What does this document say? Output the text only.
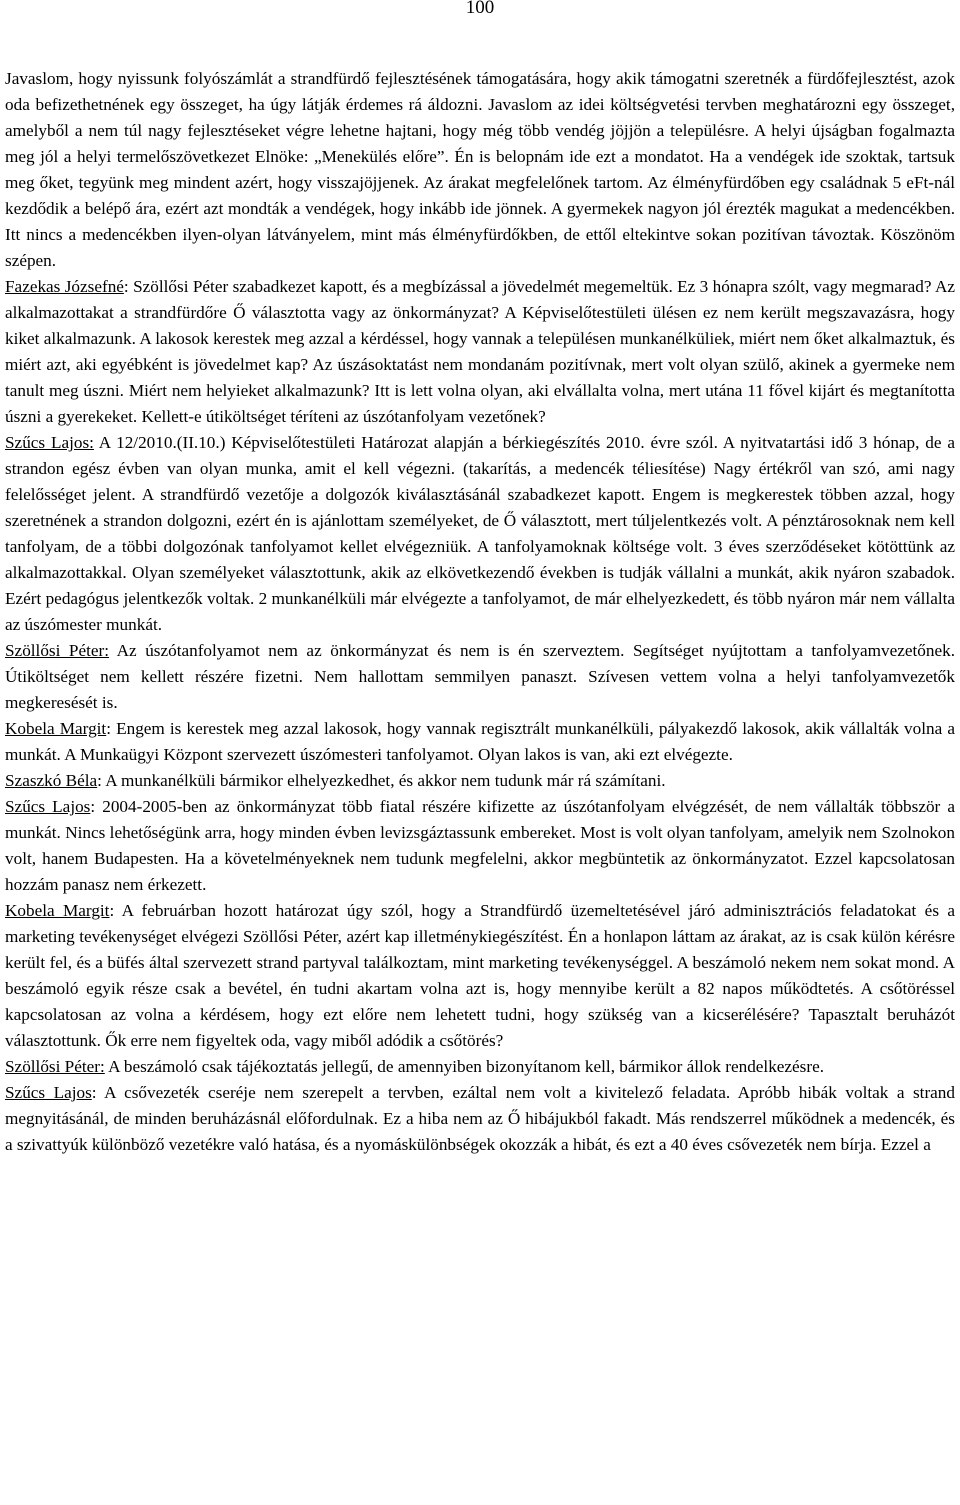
100

Javaslom, hogy nyissunk folyószámlát a strandfürdő fejlesztésének támogatására, hogy akik támogatni szeretnék a fürdőfejlesztést, azok oda befizethetnének egy összeget, ha úgy látják érdemes rá áldozni. Javaslom az idei költségvetési tervben meghatározni egy összeget, amelyből a nem túl nagy fejlesztéseket végre lehetne hajtani, hogy még több vendég jöjjön a településre. A helyi újságban fogalmazta meg jól a helyi termelőszövetkezet Elnöke: „Menekülés előre”. Én is belopnám ide ezt a mondatot. Ha a vendégek ide szoktak, tartsuk meg őket, tegyünk meg mindent azért, hogy visszajöjjenek. Az árakat megfelelőnek tartom. Az élményfürdőben egy családnak 5 eFt-nál kezdődik a belépő ára, ezért azt mondták a vendégek, hogy inkább ide jönnek. A gyermekek nagyon jól érezték magukat a medencékben. Itt nincs a medencékben ilyen-olyan látványelem, mint más élményfürdőkben, de ettől eltekintve sokan pozitívan távoztak. Köszönöm szépen.

Fazekas Józsefné: Szöllősi Péter szabadkezet kapott, és a megbízással a jövedelmét megemeltük. Ez 3 hónapra szólt, vagy megmarad? Az alkalmazottakat a strandfürdőre Ő választotta vagy az önkormányzat? A Képviselőtestületi ülésen ez nem került megszavazásra, hogy kiket alkalmazunk. A lakosok kerestek meg azzal a kérdéssel, hogy vannak a településen munkanélküliek, miért nem őket alkalmaztuk, és miért azt, aki egyébként is jövedelmet kap? Az úszásoktatást nem mondanám pozitívnak, mert volt olyan szülő, akinek a gyermeke nem tanult meg úszni. Miért nem helyieket alkalmazunk? Itt is lett volna olyan, aki elvállalta volna, mert utána 11 fővel kijárt és megtanította úszni a gyerekeket. Kellett-e útiköltséget téríteni az úszótanfolyam vezetőnek?

Szűcs Lajos: A 12/2010.(II.10.) Képviselőtestületi Határozat alapján a bérkiegészítés 2010. évre szól. A nyitvatartási idő 3 hónap, de a strandon egész évben van olyan munka, amit el kell végezni. (takarítás, a medencék téliesítése) Nagy értékről van szó, ami nagy felelősséget jelent. A strandfürdő vezetője a dolgozók kiválasztásánál szabadkezet kapott. Engem is megkerestek többen azzal, hogy szeretnének a strandon dolgozni, ezért én is ajánlottam személyeket, de Ő választott, mert túljelentkezés volt. A pénztárosoknak nem kell tanfolyam, de a többi dolgozónak tanfolyamot kellet elvégezniük. A tanfolyamoknak költsége volt. 3 éves szerződéseket kötöttünk az alkalmazottakkal. Olyan személyeket választottunk, akik az elkövetkezendő években is tudják vállalni a munkát, akik nyáron szabadok. Ezért pedagógus jelentkezők voltak. 2 munkanélküli már elvégezte a tanfolyamot, de már elhelyezkedett, és több nyáron már nem vállalta az úszómester munkát.

Szöllősi Péter: Az úszótanfolyamot nem az önkormányzat és nem is én szerveztem. Segítséget nyújtottam a tanfolyamvezetőnek. Útiköltséget nem kellett részére fizetni. Nem hallottam semmilyen panaszt. Szívesen vettem volna a helyi tanfolyamvezetők megkeresését is.

Kobela Margit: Engem is kerestek meg azzal lakosok, hogy vannak regisztrált munkanélküli, pályakezdő lakosok, akik vállalták volna a munkát. A Munkaügyi Központ szervezett úszómesteri tanfolyamot. Olyan lakos is van, aki ezt elvégezte.

Szaszkó Béla: A munkanélküli bármikor elhelyezkedhet, és akkor nem tudunk már rá számítani.

Szűcs Lajos: 2004-2005-ben az önkormányzat több fiatal részére kifizette az úszótanfolyam elvégzését, de nem vállalták többször a munkát. Nincs lehetőségünk arra, hogy minden évben levizsgáztassunk embereket. Most is volt olyan tanfolyam, amelyik nem Szolnokon volt, hanem Budapesten. Ha a követelményeknek nem tudunk megfelelni, akkor megbüntetik az önkormányzatot. Ezzel kapcsolatosan hozzám panasz nem érkezett.

Kobela Margit: A februárban hozott határozat úgy szól, hogy a Strandfürdő üzemeltetésével járó adminisztrációs feladatokat és a marketing tevékenységet elvégezi Szöllősi Péter, azért kap illetménykiegészítést. Én a honlapon láttam az árakat, az is csak külön kérésre került fel, és a büfés által szervezett strand partyval találkoztam, mint marketing tevékenységgel. A beszámoló nekem nem sokat mond. A beszámoló egyik része csak a bevétel, én tudni akartam volna azt is, hogy mennyibe került a 82 napos működtetés. A csőtöréssel kapcsolatosan az volna a kérdésem, hogy ezt előre nem lehetett tudni, hogy szükség van a kicserélésére? Tapasztalt beruházót választottunk. Ők erre nem figyeltek oda, vagy miből adódik a csőtörés?

Szöllősi Péter: A beszámoló csak tájékoztatás jellegű, de amennyiben bizonyítanom kell, bármikor állok rendelkezésre.

Szűcs Lajos: A csővezeték cseréje nem szerepelt a tervben, ezáltal nem volt a kivitelező feladata. Apróbb hibák voltak a strand megnyitásánál, de minden beruházásnál előfordulnak. Ez a hiba nem az Ő hibájukból fakadt. Más rendszerrel működnek a medencék, és a szivattyúk különböző vezetékre való hatása, és a nyomáskülönbségek okozzák a hibát, és ezt a 40 éves csővezeték nem bírja. Ezzel a
